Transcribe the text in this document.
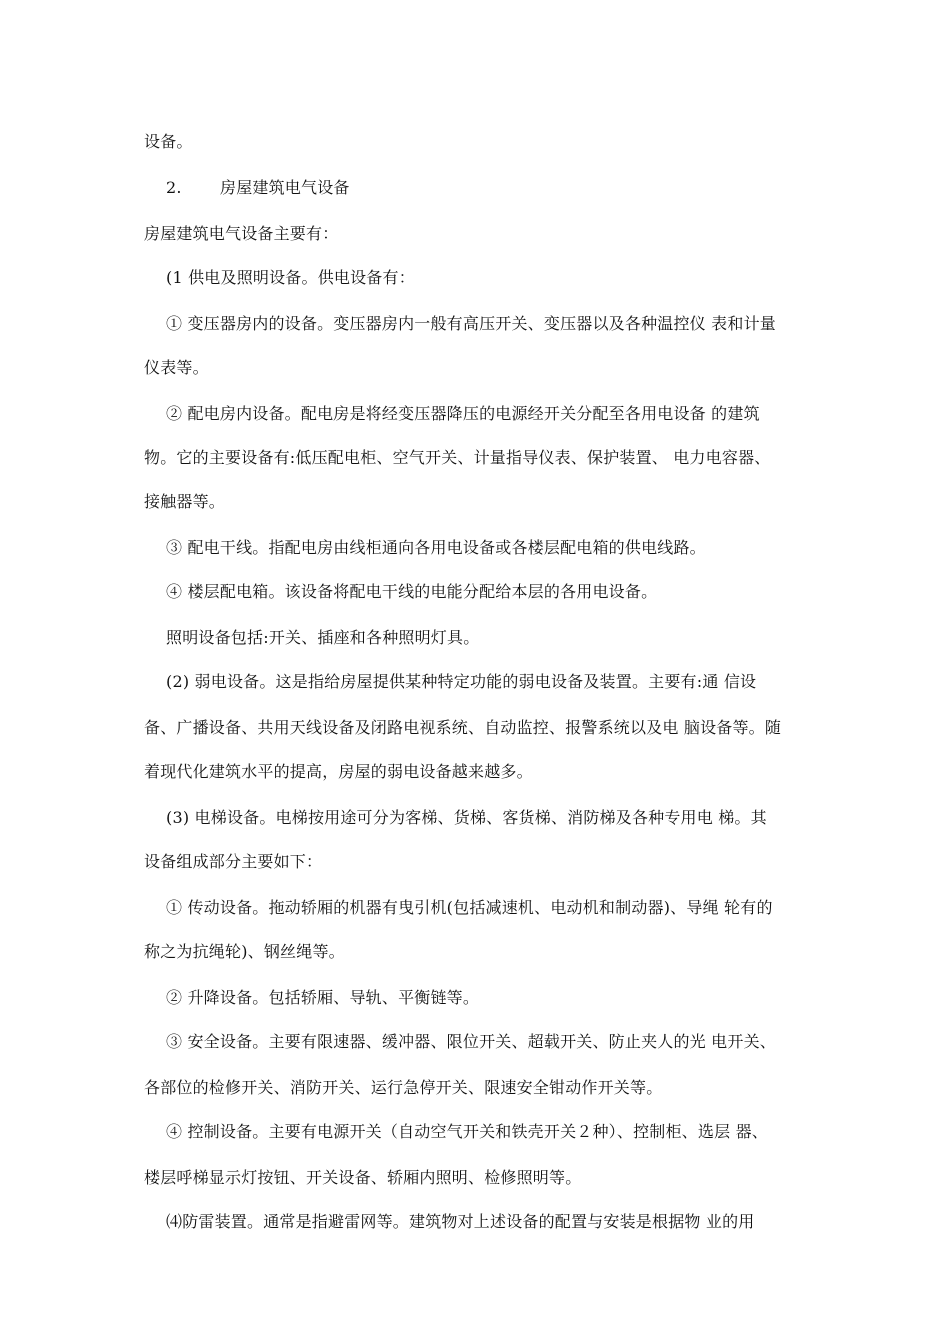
设备。
2. 房屋建筑电气设备
房屋建筑电气设备主要有：
(1 供电及照明设备。供电设备有：
① 变压器房内的设备。变压器房内一般有高压开关、变压器以及各种温控仪 表和计量
仪表等。
② 配电房内设备。配电房是将经变压器降压的电源经开关分配至各用电设备 的建筑
物。它的主要设备有:低压配电柜、空气开关、计量指导仪表、保护装置、 电力电容器、
接触器等。
③ 配电干线。指配电房由线柜通向各用电设备或各楼层配电箱的供电线路。
④ 楼层配电箱。该设备将配电干线的电能分配给本层的各用电设备。
照明设备包括:开关、插座和各种照明灯具。
(2) 弱电设备。这是指给房屋提供某种特定功能的弱电设备及装置。主要有:通 信设
备、广播设备、共用天线设备及闭路电视系统、自动监控、报警系统以及电 脑设备等。随
着现代化建筑水平的提高，房屋的弱电设备越来越多。
(3) 电梯设备。电梯按用途可分为客梯、货梯、客货梯、消防梯及各种专用电 梯。其
设备组成部分主要如下：
① 传动设备。拖动轿厢的机器有曳引机(包括减速机、电动机和制动器)、导绳 轮有的
称之为抗绳轮)、钢丝绳等。
② 升降设备。包括轿厢、导轨、平衡链等。
③ 安全设备。主要有限速器、缓冲器、限位开关、超载开关、防止夹人的光 电开关、
各部位的检修开关、消防开关、运行急停开关、限速安全钳动作开关等。
④ 控制设备。主要有电源开关（自动空气开关和铁壳开关２种）、控制柜、选层 器、
楼层呼梯显示灯按钮、开关设备、轿厢内照明、检修照明等。
⑷防雷装置。通常是指避雷网等。建筑物对上述设备的配置与安装是根据物 业的用
